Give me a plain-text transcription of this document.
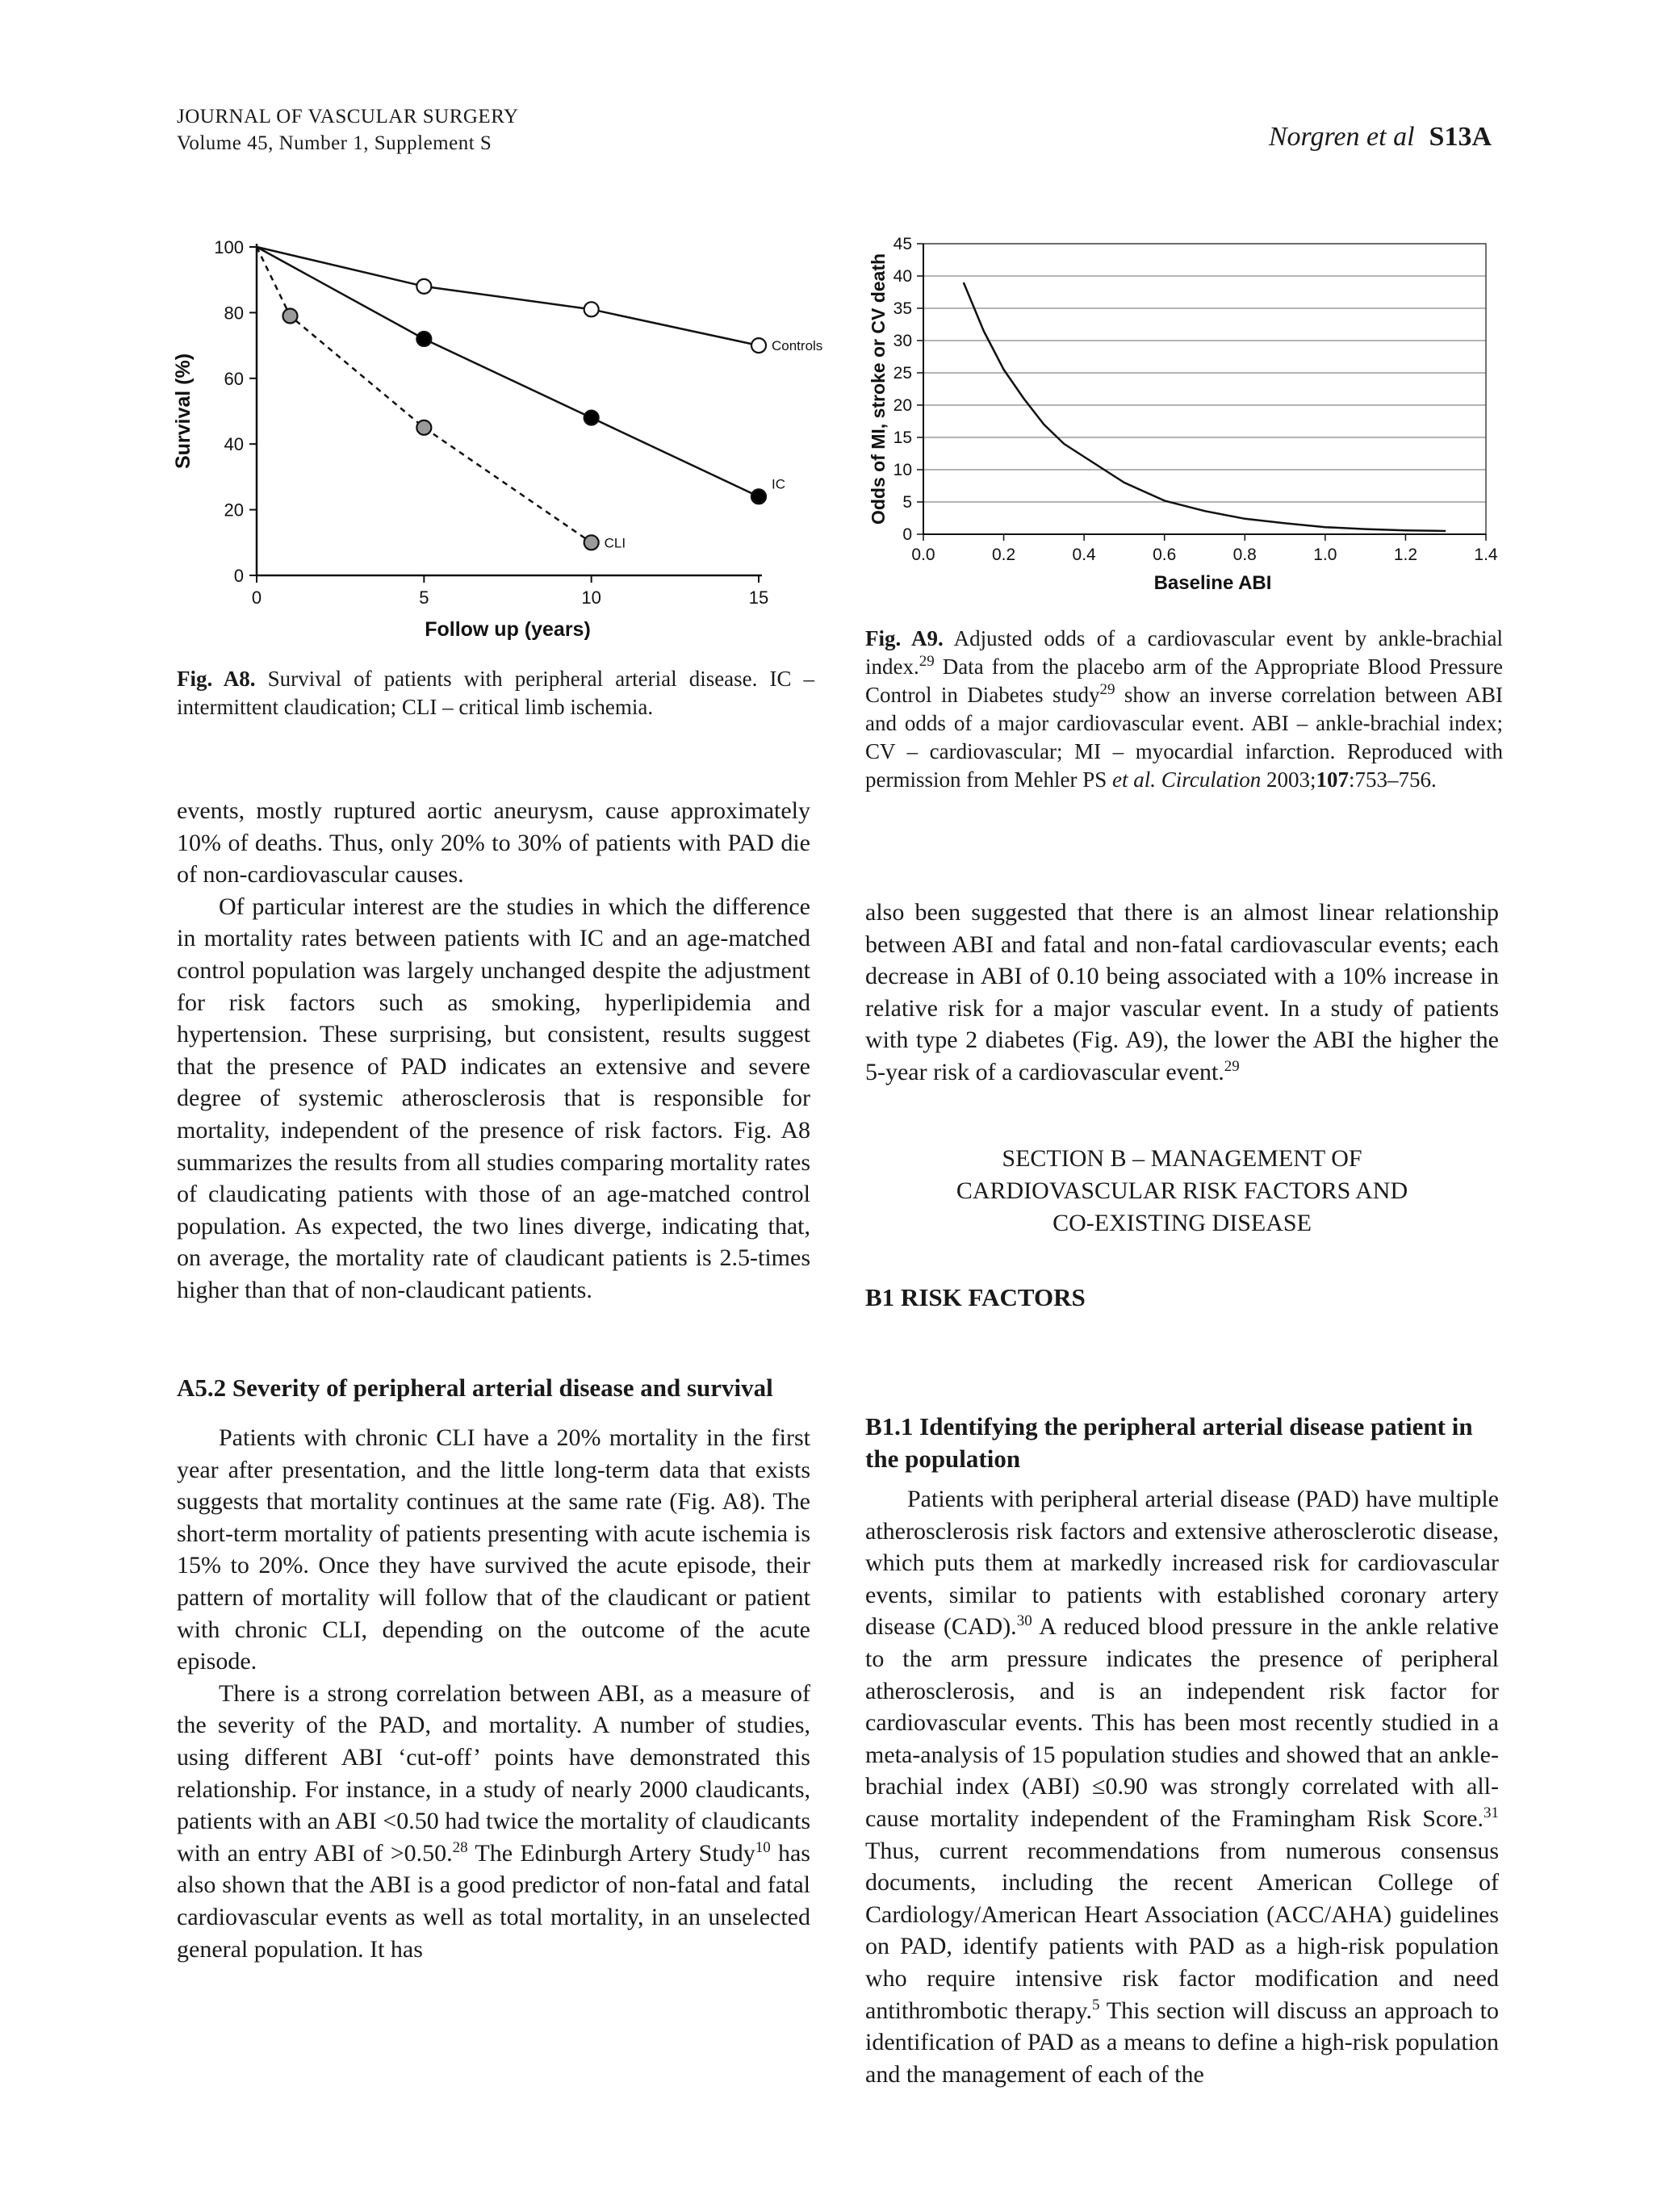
JOURNAL OF VASCULAR SURGERY
Volume 45, Number 1, Supplement S	Norgren et al S13A
0
20
40
60
80
100
0	5	10	15
Follow up (years)
Survival (%)
Controls
IC
CLI	0
5
10
15
20
25
30
35
40
45
0.0	0.2	0.4	0.6	0.8	1.0	1.2	1.4
Baseline ABI
Odds of MI, stroke or CV death
Fig. A8. Survival of patients with peripheral arterial disease. IC – intermittent claudication; CLI – critical limb ischemia.
Fig. A9. Adjusted odds of a cardiovascular event by ankle-brachial index.$^{29}$ Data from the placebo arm of the Appropriate Blood Pressure Control in Diabetes study$^{29}$ show an inverse correlation between ABI and odds of a major cardiovascular event. ABI – ankle-brachial index; CV – cardiovascular; MI – myocardial infarction. Reproduced with permission from Mehler PS et al. Circulation 2003;107:753–756.

events, mostly ruptured aortic aneurysm, cause approximately 10% of deaths. Thus, only 20% to 30% of patients with PAD die of non-cardiovascular causes.

Of particular interest are the studies in which the difference in mortality rates between patients with IC and an age-matched control population was largely unchanged despite the adjustment for risk factors such as smoking, hyperlipidemia and hypertension. These surprising, but consistent, results suggest that the presence of PAD indicates an extensive and severe degree of systemic atherosclerosis that is responsible for mortality, independent of the presence of risk factors. Fig. A8 summarizes the results from all studies comparing mortality rates of claudicating patients with those of an age-matched control population. As expected, the two lines diverge, indicating that, on average, the mortality rate of claudicant patients is 2.5-times higher than that of non-claudicant patients.

A5.2 Severity of peripheral arterial disease and survival

Patients with chronic CLI have a 20% mortality in the first year after presentation, and the little long-term data that exists suggests that mortality continues at the same rate (Fig. A8). The short-term mortality of patients presenting with acute ischemia is 15% to 20%. Once they have survived the acute episode, their pattern of mortality will follow that of the claudicant or patient with chronic CLI, depending on the outcome of the acute episode.

There is a strong correlation between ABI, as a measure of the severity of the PAD, and mortality. A number of studies, using different ABI ‘cut-off’ points have demonstrated this relationship. For instance, in a study of nearly 2000 claudicants, patients with an ABI <0.50 had twice the mortality of claudicants with an entry ABI of >0.50.28 The Edinburgh Artery Study$^{10}$ has also shown that the ABI is a good predictor of non-fatal and fatal cardiovascular events as well as total mortality, in an unselected general population. It has

also been suggested that there is an almost linear relationship between ABI and fatal and non-fatal cardiovascular events; each decrease in ABI of 0.10 being associated with a 10% increase in relative risk for a major vascular event. In a study of patients with type 2 diabetes (Fig. A9), the lower the ABI the higher the 5-year risk of a cardiovascular event.$^{29}$

SECTION B – MANAGEMENT OF
CARDIOVASCULAR RISK FACTORS AND
CO-EXISTING DISEASE
B1 RISK FACTORS
B1.1 Identifying the peripheral arterial disease patient in the population

Patients with peripheral arterial disease (PAD) have multiple atherosclerosis risk factors and extensive atherosclerotic disease, which puts them at markedly increased risk for cardiovascular events, similar to patients with established coronary artery disease (CAD).$^{30}$ A reduced blood pressure in the ankle relative to the arm pressure indicates the presence of peripheral atherosclerosis, and is an independent risk factor for cardiovascular events. This has been most recently studied in a meta-analysis of 15 population studies and showed that an ankle-brachial index (ABI) ≤0.90 was strongly correlated with all-cause mortality independent of the Framingham Risk Score.$^{31}$ Thus, current recommendations from numerous consensus documents, including the recent American College of Cardiology/American Heart Association (ACC/AHA) guidelines on PAD, identify patients with PAD as a high-risk population who require intensive risk factor modification and need antithrombotic therapy.$^5$ This section will discuss an approach to identification of PAD as a means to define a high-risk population and the management of each of the
